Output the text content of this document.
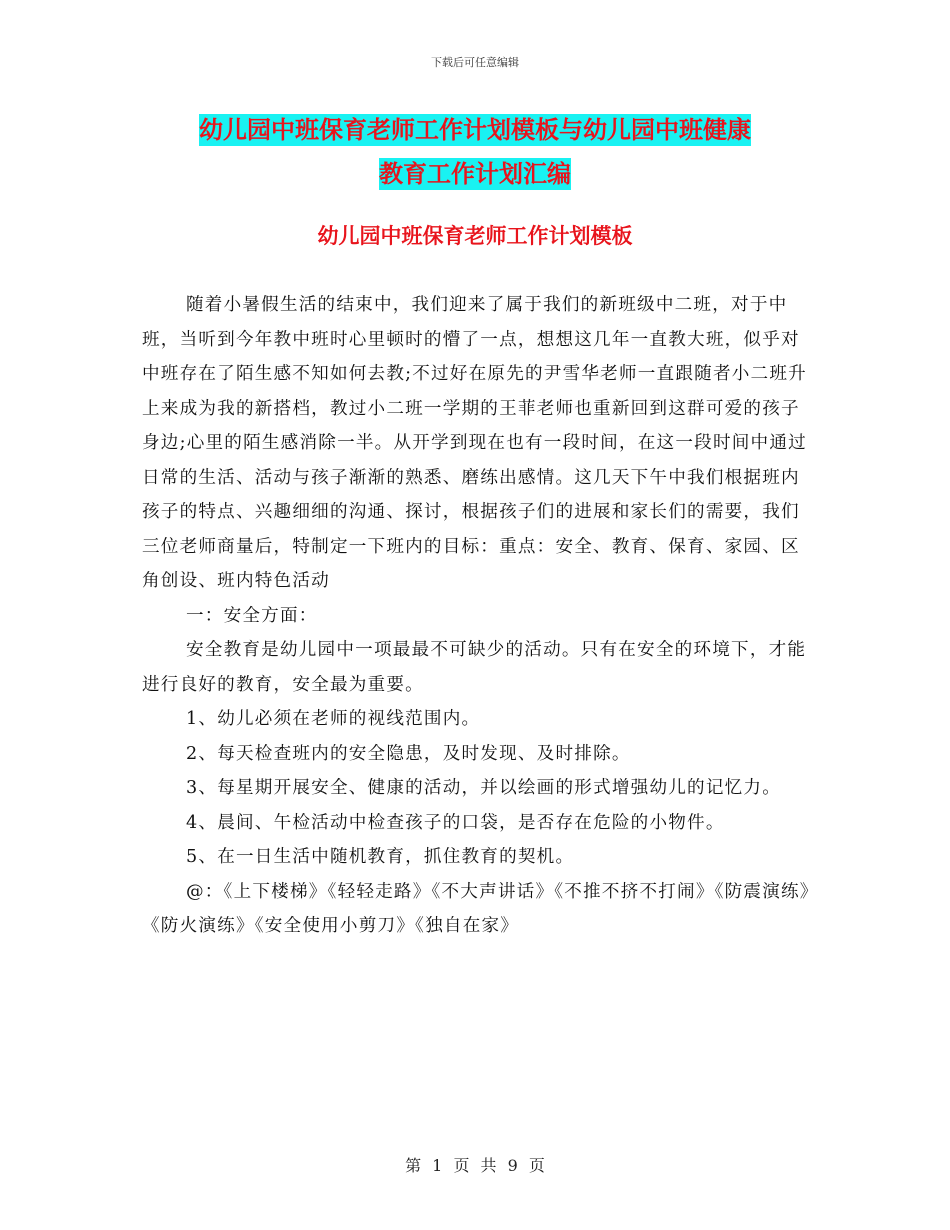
下载后可任意编辑
幼儿园中班保育老师工作计划模板与幼儿园中班健康
教育工作计划汇编
幼儿园中班保育老师工作计划模板

随着小暑假生活的结束中，我们迎来了属于我们的新班级中二班，对于中班，当听到今年教中班时心里顿时的懵了一点，想想这几年一直教大班，似乎对中班存在了陌生感不知如何去教;不过好在原先的尹雪华老师一直跟随者小二班升上来成为我的新搭档，教过小二班一学期的王菲老师也重新回到这群可爱的孩子身边;心里的陌生感消除一半。从开学到现在也有一段时间，在这一段时间中通过日常的生活、活动与孩子渐渐的熟悉、磨练出感情。这几天下午中我们根据班内孩子的特点、兴趣细细的沟通、探讨，根据孩子们的进展和家长们的需要，我们三位老师商量后，特制定一下班内的目标：重点：安全、教育、保育、家园、区角创设、班内特色活动

一：安全方面：

安全教育是幼儿园中一项最最不可缺少的活动。只有在安全的环境下，才能进行良好的教育，安全最为重要。

1、幼儿必须在老师的视线范围内。

2、每天检查班内的安全隐患，及时发现、及时排除。

3、每星期开展安全、健康的活动，并以绘画的形式增强幼儿的记忆力。

4、晨间、午检活动中检查孩子的口袋，是否存在危险的小物件。

5、在一日生活中随机教育，抓住教育的契机。

@：《上下楼梯》《轻轻走路》《不大声讲话》《不推不挤不打闹》《防震演练》《防火演练》《安全使用小剪刀》《独自在家》

第 1 页 共 9 页
